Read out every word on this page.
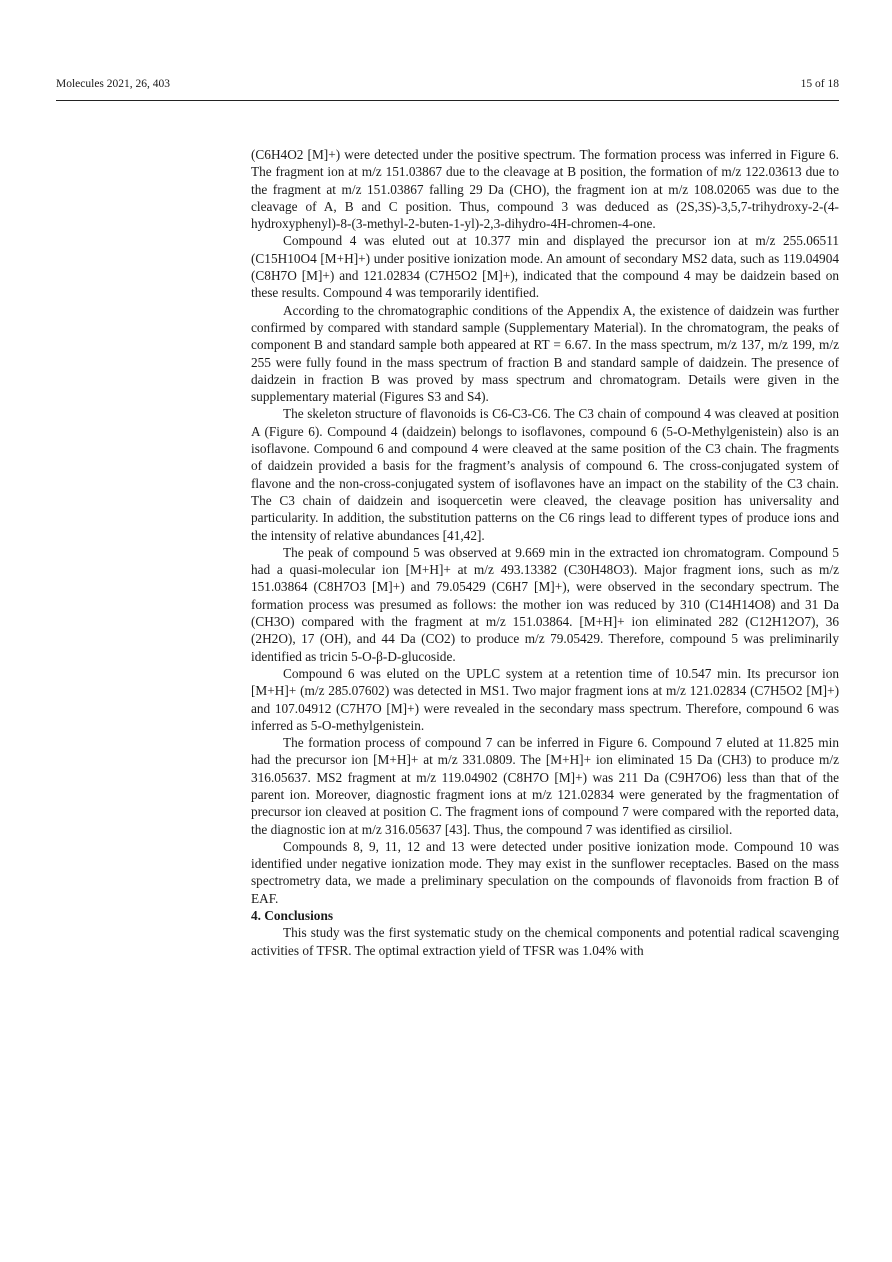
Molecules 2021, 26, 403	15 of 18

(C6H4O2 [M]+) were detected under the positive spectrum. The formation process was inferred in Figure 6. The fragment ion at m/z 151.03867 due to the cleavage at B position, the formation of m/z 122.03613 due to the fragment at m/z 151.03867 falling 29 Da (CHO), the fragment ion at m/z 108.02065 was due to the cleavage of A, B and C position. Thus, compound 3 was deduced as (2S,3S)-3,5,7-trihydroxy-2-(4-hydroxyphenyl)-8-(3-methyl-2-buten-1-yl)-2,3-dihydro-4H-chromen-4-one.

Compound 4 was eluted out at 10.377 min and displayed the precursor ion at m/z 255.06511 (C15H10O4 [M+H]+) under positive ionization mode. An amount of secondary MS2 data, such as 119.04904 (C8H7O [M]+) and 121.02834 (C7H5O2 [M]+), indicated that the compound 4 may be daidzein based on these results. Compound 4 was temporarily identified.

According to the chromatographic conditions of the Appendix A, the existence of daidzein was further confirmed by compared with standard sample (Supplementary Material). In the chromatogram, the peaks of component B and standard sample both appeared at RT = 6.67. In the mass spectrum, m/z 137, m/z 199, m/z 255 were fully found in the mass spectrum of fraction B and standard sample of daidzein. The presence of daidzein in fraction B was proved by mass spectrum and chromatogram. Details were given in the supplementary material (Figures S3 and S4).

The skeleton structure of flavonoids is C6-C3-C6. The C3 chain of compound 4 was cleaved at position A (Figure 6). Compound 4 (daidzein) belongs to isoflavones, compound 6 (5-O-Methylgenistein) also is an isoflavone. Compound 6 and compound 4 were cleaved at the same position of the C3 chain. The fragments of daidzein provided a basis for the fragment’s analysis of compound 6. The cross-conjugated system of flavone and the non-cross-conjugated system of isoflavones have an impact on the stability of the C3 chain. The C3 chain of daidzein and isoquercetin were cleaved, the cleavage position has universality and particularity. In addition, the substitution patterns on the C6 rings lead to different types of produce ions and the intensity of relative abundances [41,42].

The peak of compound 5 was observed at 9.669 min in the extracted ion chromatogram. Compound 5 had a quasi-molecular ion [M+H]+ at m/z 493.13382 (C30H48O3). Major fragment ions, such as m/z 151.03864 (C8H7O3 [M]+) and 79.05429 (C6H7 [M]+), were observed in the secondary spectrum. The formation process was presumed as follows: the mother ion was reduced by 310 (C14H14O8) and 31 Da (CH3O) compared with the fragment at m/z 151.03864. [M+H]+ ion eliminated 282 (C12H12O7), 36 (2H2O), 17 (OH), and 44 Da (CO2) to produce m/z 79.05429. Therefore, compound 5 was preliminarily identified as tricin 5-O-β-D-glucoside.

Compound 6 was eluted on the UPLC system at a retention time of 10.547 min. Its precursor ion [M+H]+ (m/z 285.07602) was detected in MS1. Two major fragment ions at m/z 121.02834 (C7H5O2 [M]+) and 107.04912 (C7H7O [M]+) were revealed in the secondary mass spectrum. Therefore, compound 6 was inferred as 5-O-methylgenistein.

The formation process of compound 7 can be inferred in Figure 6. Compound 7 eluted at 11.825 min had the precursor ion [M+H]+ at m/z 331.0809. The [M+H]+ ion eliminated 15 Da (CH3) to produce m/z 316.05637. MS2 fragment at m/z 119.04902 (C8H7O [M]+) was 211 Da (C9H7O6) less than that of the parent ion. Moreover, diagnostic fragment ions at m/z 121.02834 were generated by the fragmentation of precursor ion cleaved at position C. The fragment ions of compound 7 were compared with the reported data, the diagnostic ion at m/z 316.05637 [43]. Thus, the compound 7 was identified as cirsiliol.

Compounds 8, 9, 11, 12 and 13 were detected under positive ionization mode. Compound 10 was identified under negative ionization mode. They may exist in the sunflower receptacles. Based on the mass spectrometry data, we made a preliminary speculation on the compounds of flavonoids from fraction B of EAF.

4. Conclusions

This study was the first systematic study on the chemical components and potential radical scavenging activities of TFSR. The optimal extraction yield of TFSR was 1.04% with
